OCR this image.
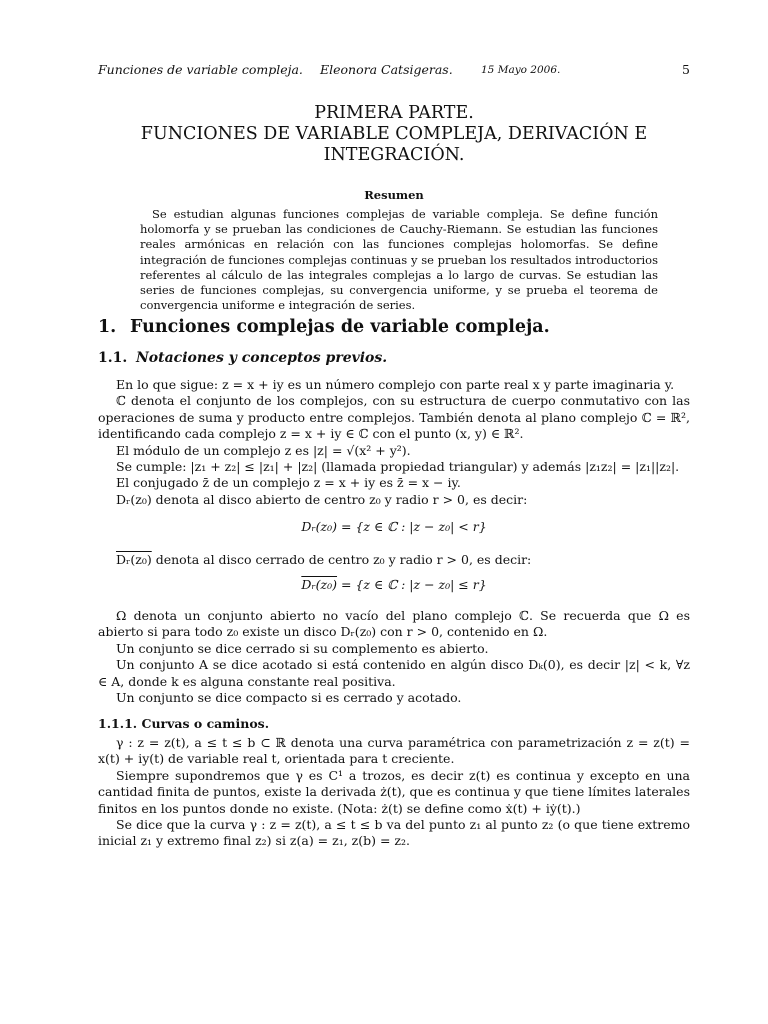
Funciones de variable compleja. Eleonora Catsigeras.	15 Mayo 2006.	5
PRIMERA PARTE.
FUNCIONES DE VARIABLE COMPLEJA, DERIVACIÓN E
INTEGRACIÓN.
Resumen

Se estudian algunas funciones complejas de variable compleja. Se define función holomorfa y se prueban las condiciones de Cauchy-Riemann. Se estudian las funciones reales armónicas en relación con las funciones complejas holomorfas. Se define integración de funciones complejas continuas y se prueban los resultados introductorios referentes al cálculo de las integrales complejas a lo largo de curvas. Se estudian las series de funciones complejas, su convergencia uniforme, y se prueba el teorema de convergencia uniforme e integración de series.

1. Funciones complejas de variable compleja.
1.1. Notaciones y conceptos previos.

En lo que sigue: z = x + iy es un número complejo con parte real x y parte imaginaria y.

ℂ denota el conjunto de los complejos, con su estructura de cuerpo conmutativo con las operaciones de suma y producto entre complejos. También denota al plano complejo ℂ = ℝ², identificando cada complejo z = x + iy ∈ ℂ con el punto (x, y) ∈ ℝ².

El módulo de un complejo z es |z| = √(x² + y²).

Se cumple: |z₁ + z₂| ≤ |z₁| + |z₂| (llamada propiedad triangular) y además |z₁z₂| = |z₁||z₂|.

El conjugado z̄ de un complejo z = x + iy es z̄ = x − iy.

Dᵣ(z₀) denota al disco abierto de centro z₀ y radio r > 0, es decir:

Dᵣ(z₀) = {z ∈ ℂ : |z − z₀| < r}

Dᵣ(z₀) denota al disco cerrado de centro z₀ y radio r > 0, es decir:

Dᵣ(z₀) = {z ∈ ℂ : |z − z₀| ≤ r}

Ω denota un conjunto abierto no vacío del plano complejo ℂ. Se recuerda que Ω es abierto si para todo z₀ existe un disco Dᵣ(z₀) con r > 0, contenido en Ω.

Un conjunto se dice cerrado si su complemento es abierto.

Un conjunto A se dice acotado si está contenido en algún disco Dₖ(0), es decir |z| < k, ∀z ∈ A, donde k es alguna constante real positiva.

Un conjunto se dice compacto si es cerrado y acotado.

1.1.1. Curvas o caminos.

γ : z = z(t), a ≤ t ≤ b ⊂ ℝ denota una curva paramétrica con parametrización z = z(t) = x(t) + iy(t) de variable real t, orientada para t creciente.

Siempre supondremos que γ es C¹ a trozos, es decir z(t) es continua y excepto en una cantidad finita de puntos, existe la derivada ż(t), que es continua y que tiene límites laterales finitos en los puntos donde no existe. (Nota: ż(t) se define como ẋ(t) + iẏ(t).)

Se dice que la curva γ : z = z(t), a ≤ t ≤ b va del punto z₁ al punto z₂ (o que tiene extremo inicial z₁ y extremo final z₂) si z(a) = z₁, z(b) = z₂.
